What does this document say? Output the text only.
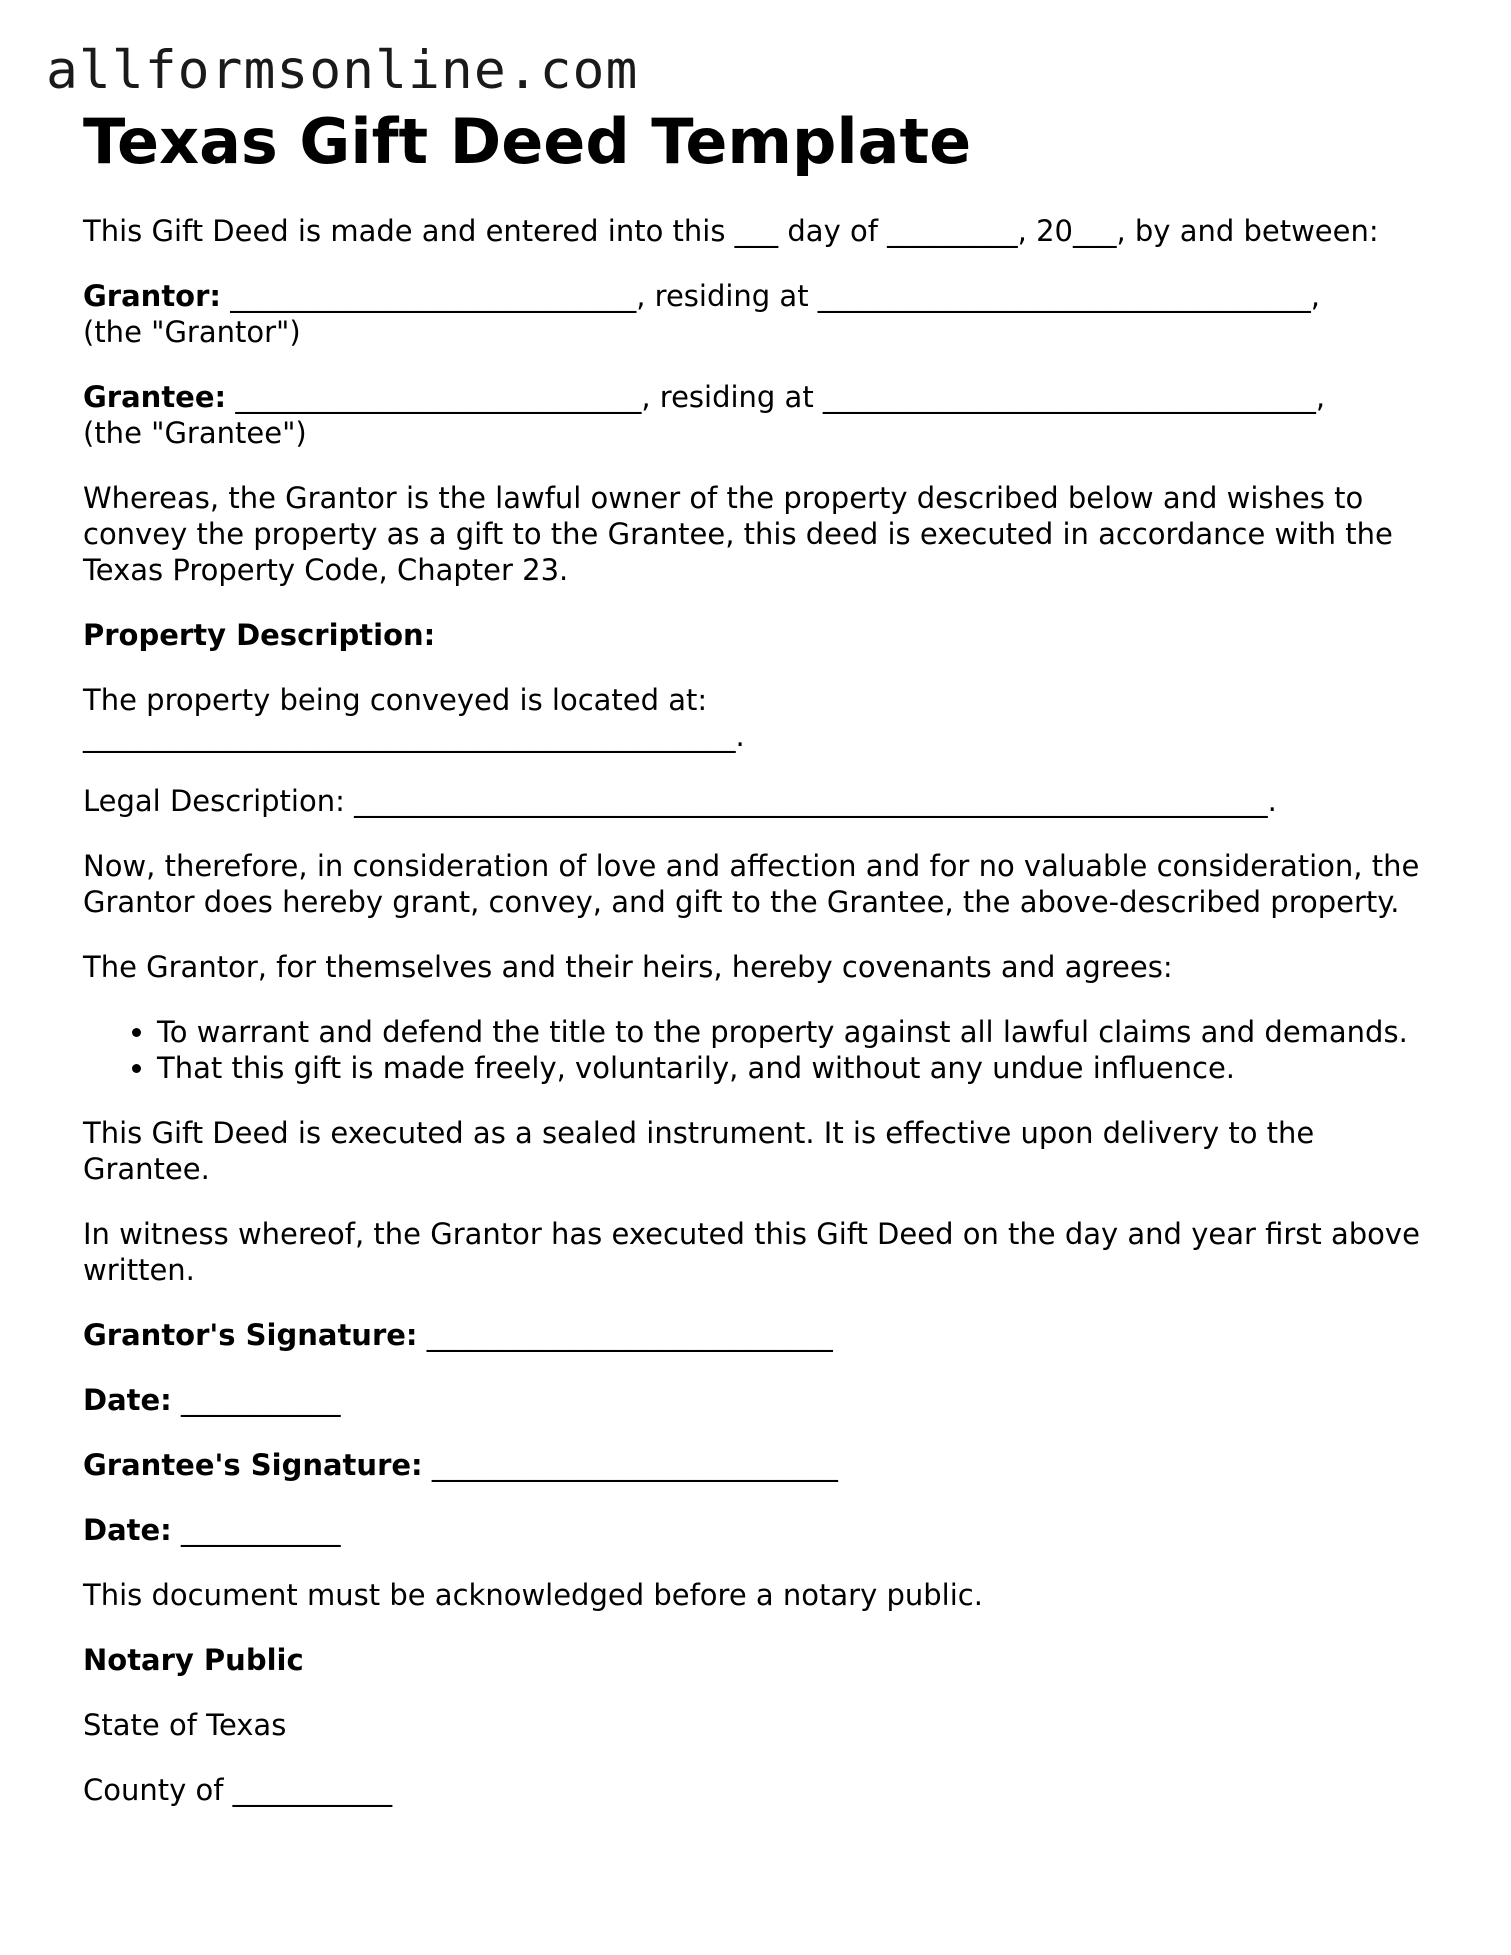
allformsonline.com
Texas Gift Deed Template

This Gift Deed is made and entered into this ___ day of _________, 20___, by and between:

Grantor: ____________________________, residing at __________________________________,
(the "Grantor")

Grantee: ____________________________, residing at __________________________________,
(the "Grantee")

Whereas, the Grantor is the lawful owner of the property described below and wishes to convey the property as a gift to the Grantee, this deed is executed in accordance with the Texas Property Code, Chapter 23.

Property Description:

The property being conveyed is located at:
_____________________________________________.

Legal Description: _______________________________________________________________.

Now, therefore, in consideration of love and affection and for no valuable consideration, the Grantor does hereby grant, convey, and gift to the Grantee, the above-described property.

The Grantor, for themselves and their heirs, hereby covenants and agrees:

• To warrant and defend the title to the property against all lawful claims and demands.
• That this gift is made freely, voluntarily, and without any undue influence.

This Gift Deed is executed as a sealed instrument. It is effective upon delivery to the Grantee.

In witness whereof, the Grantor has executed this Gift Deed on the day and year first above written.

Grantor's Signature: ____________________________

Date: ___________

Grantee's Signature: ____________________________

Date: ___________

This document must be acknowledged before a notary public.

Notary Public

State of Texas

County of ___________
